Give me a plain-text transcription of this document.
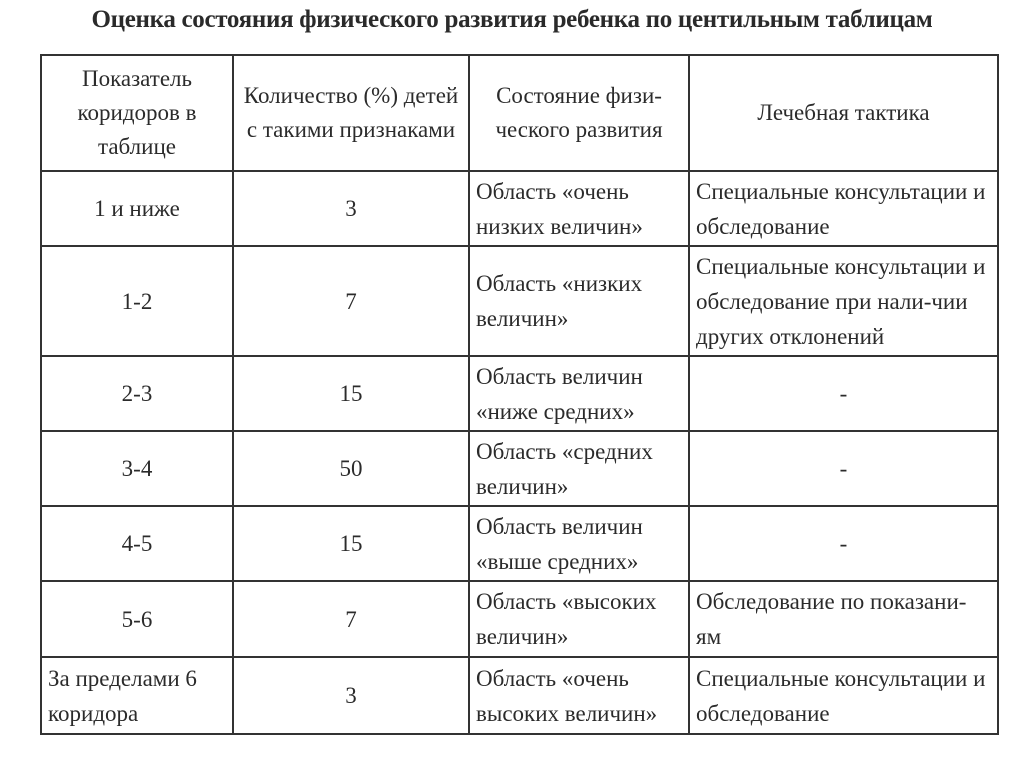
Оценка состояния физического развития ребенка по центильным таблицам
Показатель коридоров в таблице	Количество (%) детей с такими признаками	Состояние физи-ческого развития	Лечебная тактика
1 и ниже	3	Область «очень низких величин»	Специальные консультации и обследование
1-2	7	Область «низких величин»	Специальные консультации и обследование при нали-чии других отклонений
2-3	15	Область величин «ниже средних»	-
3-4	50	Область «средних величин»	-
4-5	15	Область величин «выше средних»	-
5-6	7	Область «высоких величин»	Обследование по показани-ям
За пределами 6 коридора	3	Область «очень высоких величин»	Специальные консультации и обследование
